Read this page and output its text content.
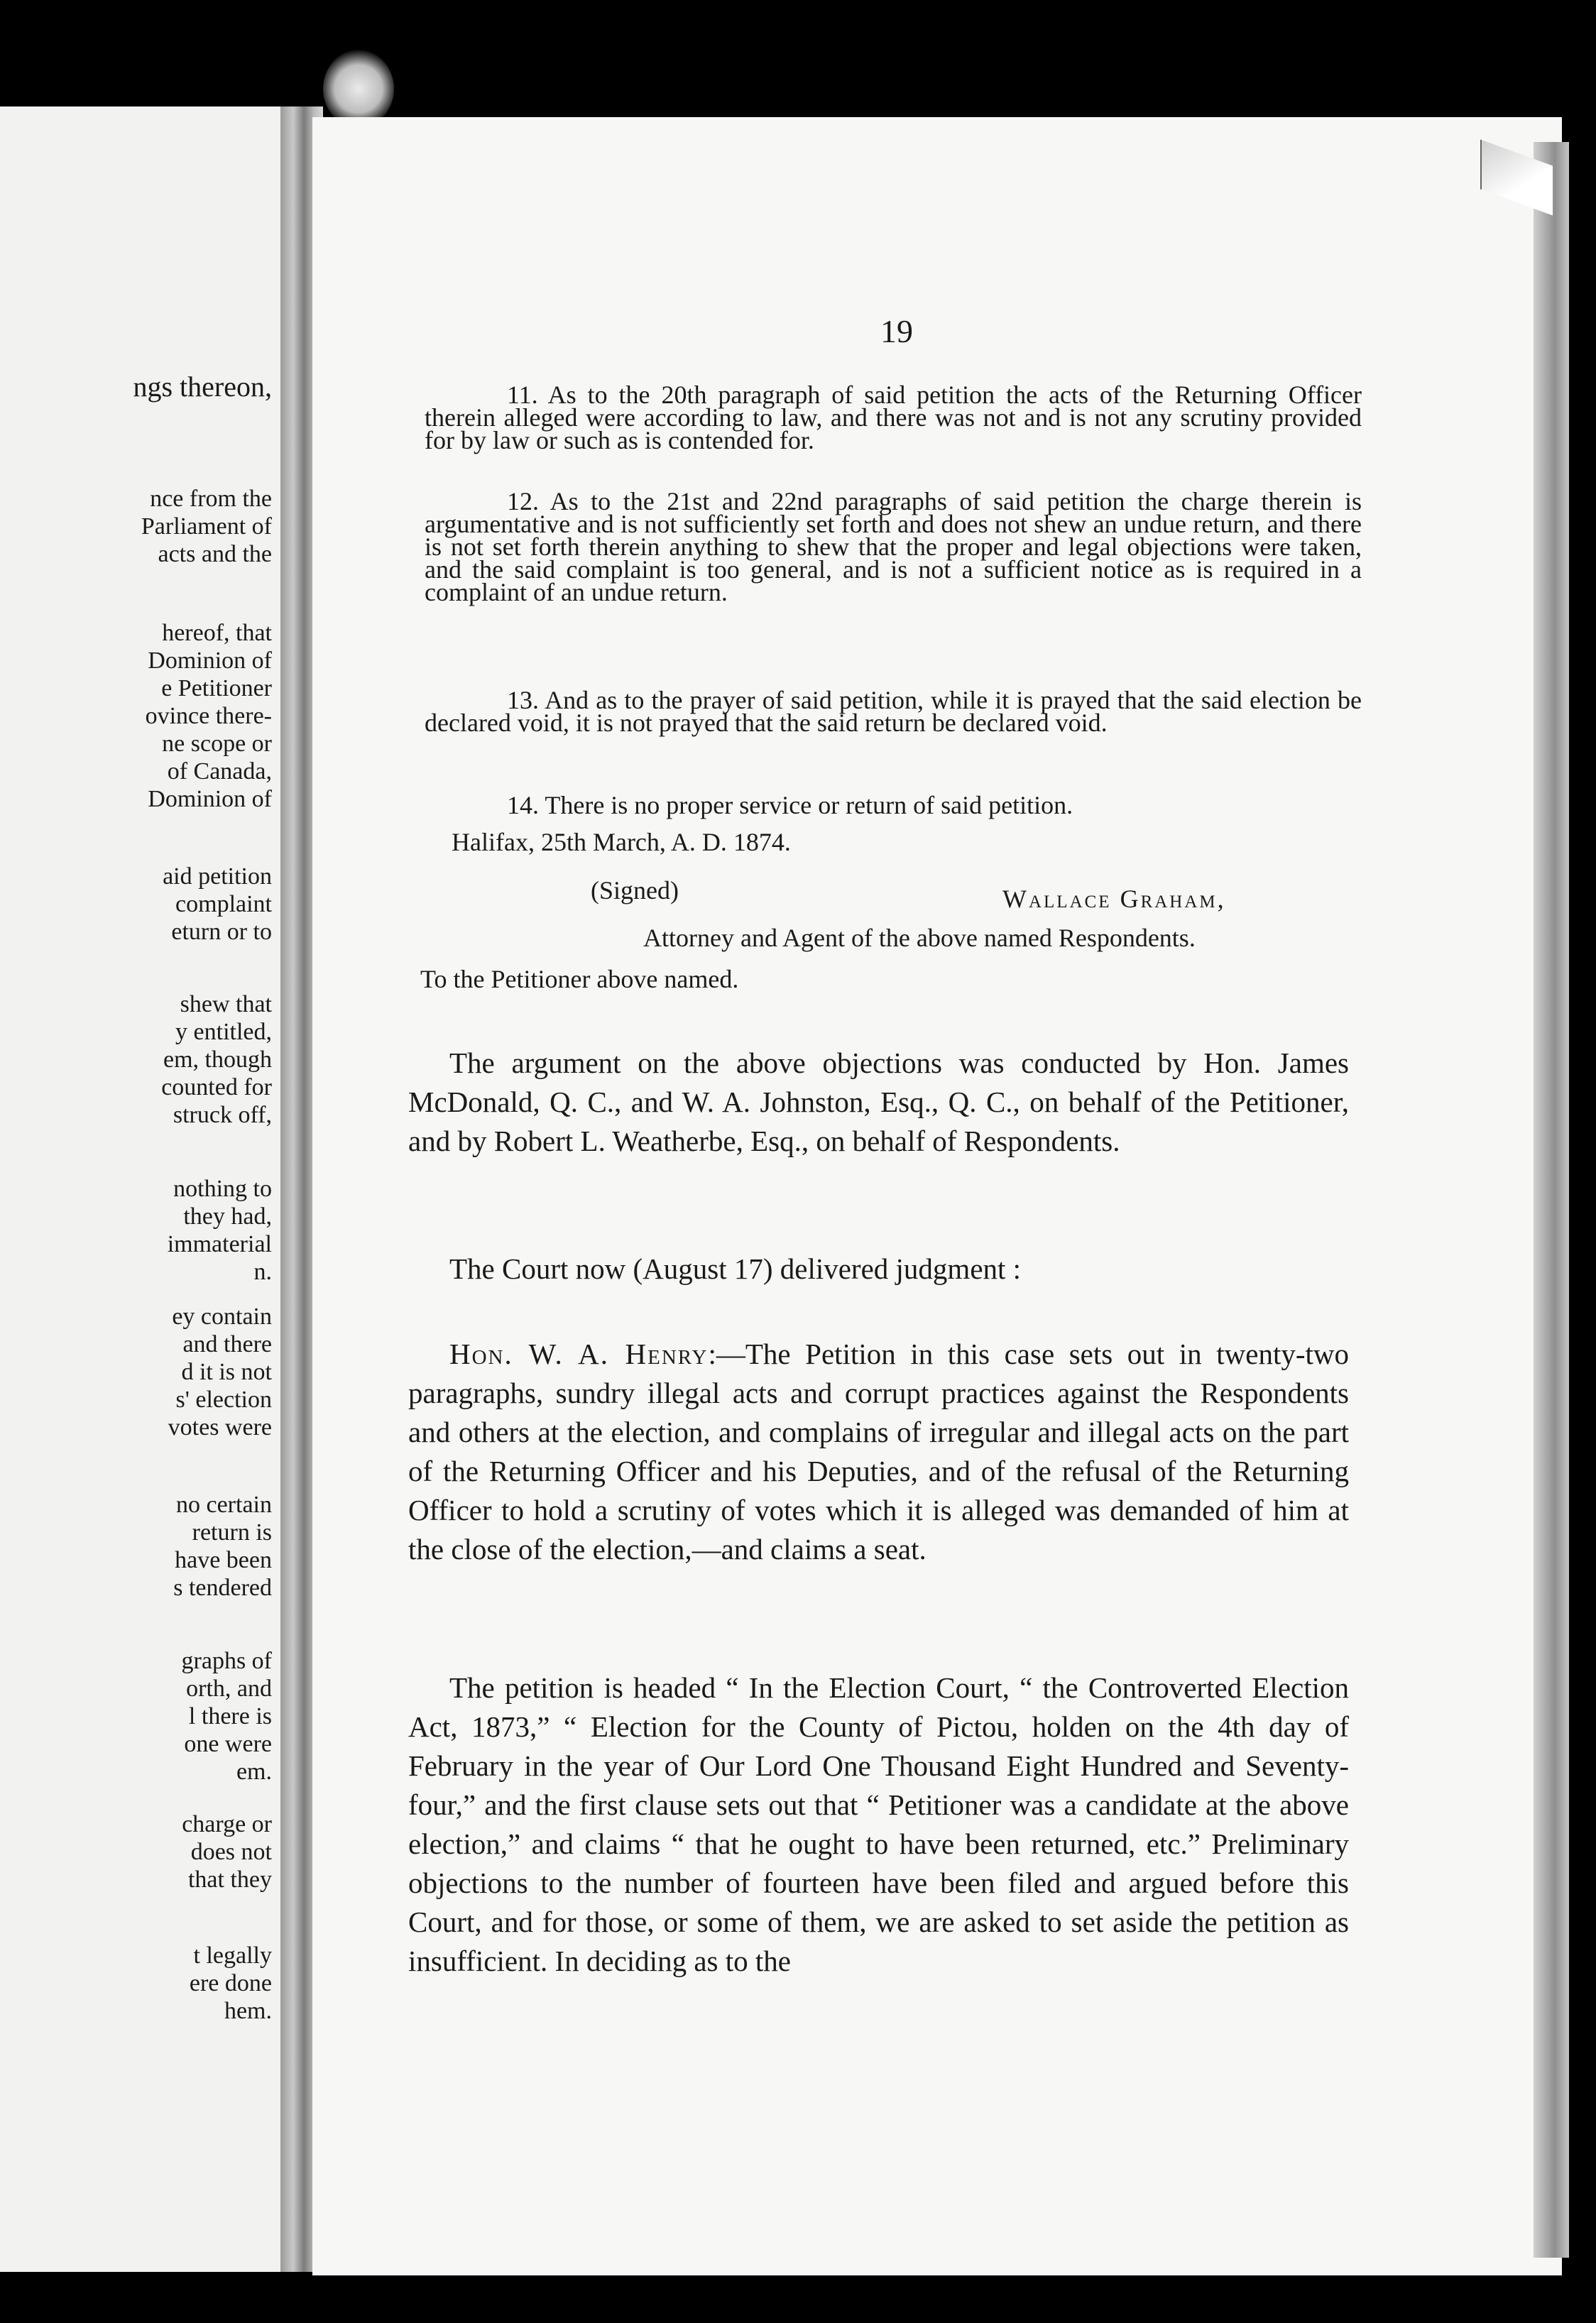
ngs thereon,
nce from the
Parliament of
acts and the
hereof, that
Dominion of
e Petitioner
ovince there-
ne scope or
of Canada,
Dominion of
aid petition
complaint
eturn or to
shew that
y entitled,
em, though
counted for
struck off,
nothing to
they had,
immaterial
n.
ey contain
and there
d it is not
s' election
votes were
no certain
return is
have been
s tendered
graphs of
orth, and
l there is
one were
em.
charge or
does not
that they
t legally
ere done
hem.
19

11. As to the 20th paragraph of said petition the acts of the Returning Officer therein alleged were according to law, and there was not and is not any scrutiny provided for by law or such as is contended for.

12. As to the 21st and 22nd paragraphs of said petition the charge therein is argumentative and is not sufficiently set forth and does not shew an undue return, and there is not set forth therein anything to shew that the proper and legal objections were taken, and the said complaint is too general, and is not a sufficient notice as is required in a complaint of an undue return.

13. And as to the prayer of said petition, while it is prayed that the said election be declared void, it is not prayed that the said return be declared void.

14. There is no proper service or return of said petition.

Halifax, 25th March, A. D. 1874.
(Signed)	Wallace Graham,
Attorney and Agent of the above named Respondents.
To the Petitioner above named.

The argument on the above objections was conducted by Hon. James McDonald, Q. C., and W. A. Johnston, Esq., Q. C., on behalf of the Petitioner, and by Robert L. Weatherbe, Esq., on behalf of Respondents.

The Court now (August 17) delivered judgment :

Hon. W. A. Henry:—The Petition in this case sets out in twenty-two paragraphs, sundry illegal acts and corrupt practices against the Respondents and others at the election, and complains of irregular and illegal acts on the part of the Returning Officer and his Deputies, and of the refusal of the Returning Officer to hold a scrutiny of votes which it is alleged was demanded of him at the close of the election,—and claims a seat.

The petition is headed “ In the Election Court, “ the Controverted Election Act, 1873,” “ Election for the County of Pictou, holden on the 4th day of February in the year of Our Lord One Thousand Eight Hundred and Seventy-four,” and the first clause sets out that “ Petitioner was a candidate at the above election,” and claims “ that he ought to have been returned, etc.” Preliminary objections to the number of fourteen have been filed and argued before this Court, and for those, or some of them, we are asked to set aside the petition as insufficient. In deciding as to the
